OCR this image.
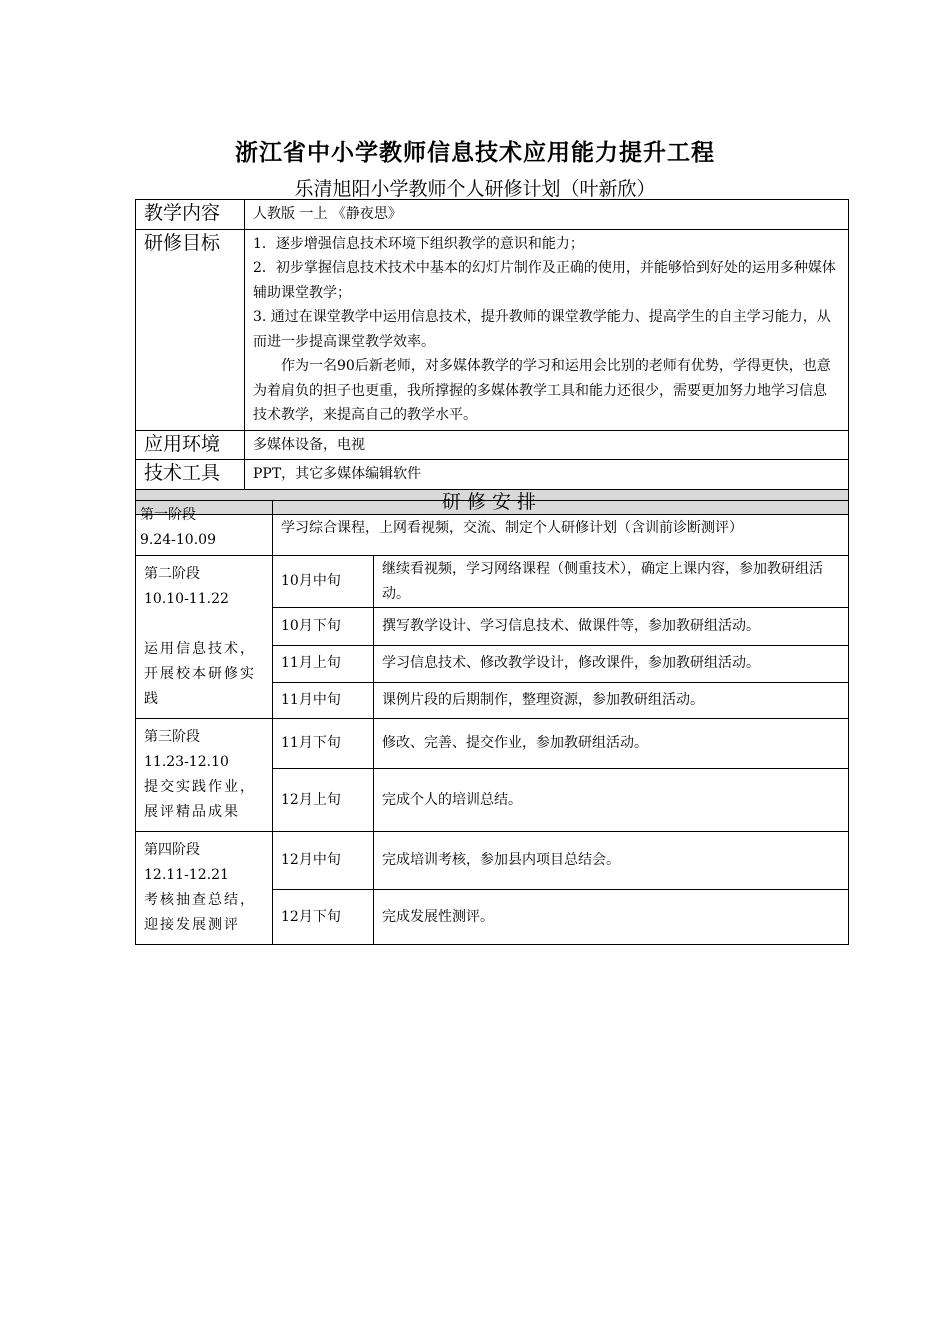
浙江省中小学教师信息技术应用能力提升工程
乐清旭阳小学教师个人研修计划（叶新欣）
教学内容	人教版 一上 《静夜思》
研修目标	1．逐步增强信息技术环境下组织教学的意识和能力；

2．初步掌握信息技术技术中基本的幻灯片制作及正确的使用，并能够恰到好处的运用多种媒体辅助课堂教学；

3. 通过在课堂教学中运用信息技术，提升教师的课堂教学能力、提高学生的自主学习能力，从而进一步提高课堂教学效率。

作为一名90后新老师，对多媒体教学的学习和运用会比别的老师有优势，学得更快，也意为着肩负的担子也更重，我所撑握的多媒体教学工具和能力还很少，需要更加努力地学习信息技术教学，来提高自己的教学水平。

应用环境	多媒体设备，电视
技术工具	PPT，其它多媒体编辑软件
研修安排	
第一阶段
9.24-10.09	学习综合课程，上网看视频，交流、制定个人研修计划（含训前诊断测评）	

第二阶段
10.10-11.22
运用信息技术，开展校本研修实践	10月中旬	继续看视频，学习网络课程（侧重技术），确定上课内容，参加教研组活动。
	10月下旬	撰写教学设计、学习信息技术、做课件等，参加教研组活动。
	11月上旬	学习信息技术、修改教学设计，修改课件，参加教研组活动。
	11月中旬	课例片段的后期制作，整理资源，参加教研组活动。

第三阶段
11.23-12.10
提交实践作业，展评精品成果	11月下旬	修改、完善、提交作业，参加教研组活动。
	12月上旬	完成个人的培训总结。

第四阶段
12.11-12.21
考核抽查总结，迎接发展测评	12月中旬	完成培训考核，参加县内项目总结会。
	12月下旬	完成发展性测评。
